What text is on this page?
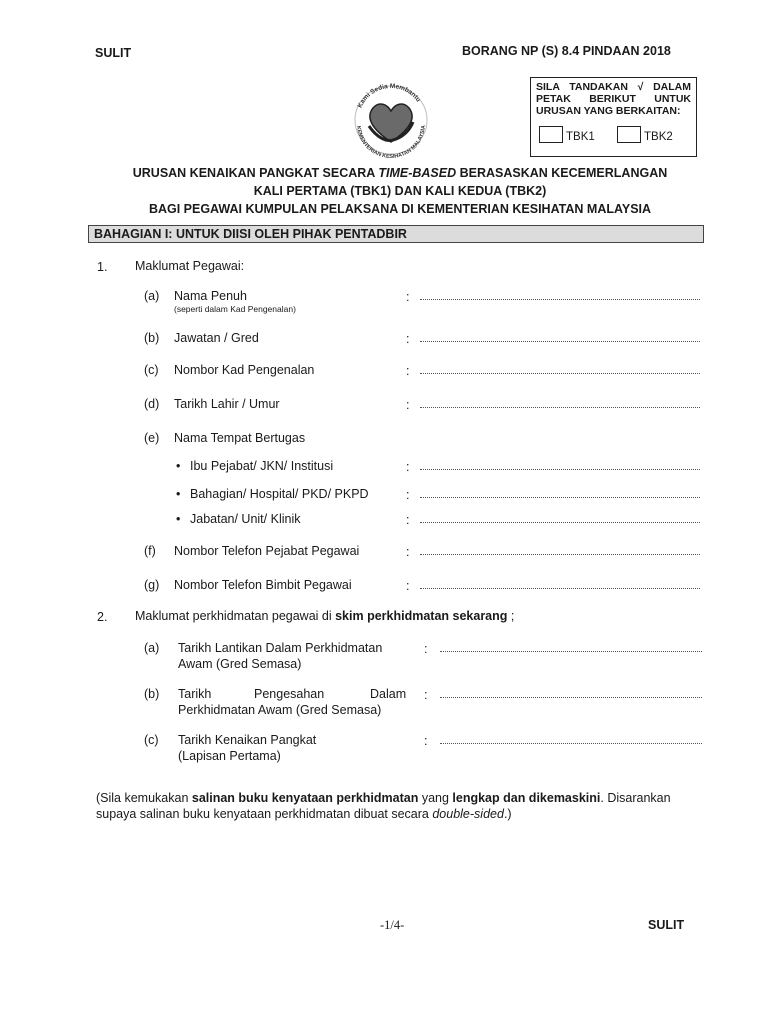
SULIT	BORANG NP (S) 8.4 PINDAAN 2018
Kami Sedia Membantu
KEMENTERIAN KESIHATAN MALAYSIA
SILA TANDAKAN √ DALAM PETAK BERIKUT UNTUK URUSAN YANG BERKAITAN:
TBK1	TBK2
URUSAN KENAIKAN PANGKAT SECARA TIME-BASED BERASASKAN KECEMERLANGAN
KALI PERTAMA (TBK1) DAN KALI KEDUA (TBK2)
BAGI PEGAWAI KUMPULAN PELAKSANA DI KEMENTERIAN KESIHATAN MALAYSIA
BAHAGIAN I: UNTUK DIISI OLEH PIHAK PENTADBIR
1. Maklumat Pegawai:
(a) Nama Penuh
(seperti dalam Kad Pengenalan)
:
(b) Jawatan / Gred	:
(c) Nombor Kad Pengenalan	:
(d) Tarikh Lahir / Umur	:
(e) Nama Tempat Bertugas
• Ibu Pejabat/ JKN/ Institusi	:
• Bahagian/ Hospital/ PKD/ PKPD	:
• Jabatan/ Unit/ Klinik	:
(f) Nombor Telefon Pejabat Pegawai	:
(g) Nombor Telefon Bimbit Pegawai	:
2. Maklumat perkhidmatan pegawai di skim perkhidmatan sekarang ;
(a) Tarikh Lantikan Dalam Perkhidmatan
Awam (Gred Semasa)
:
(b) Tarikh	Pengesahan	Dalam
Perkhidmatan Awam (Gred Semasa)
:
(c) Tarikh Kenaikan Pangkat
(Lapisan Pertama)
:
(Sila kemukakan salinan buku kenyataan perkhidmatan yang lengkap dan dikemaskini. Disarankan supaya salinan buku kenyataan perkhidmatan dibuat secara double-sided.)
-1/4-	SULIT
